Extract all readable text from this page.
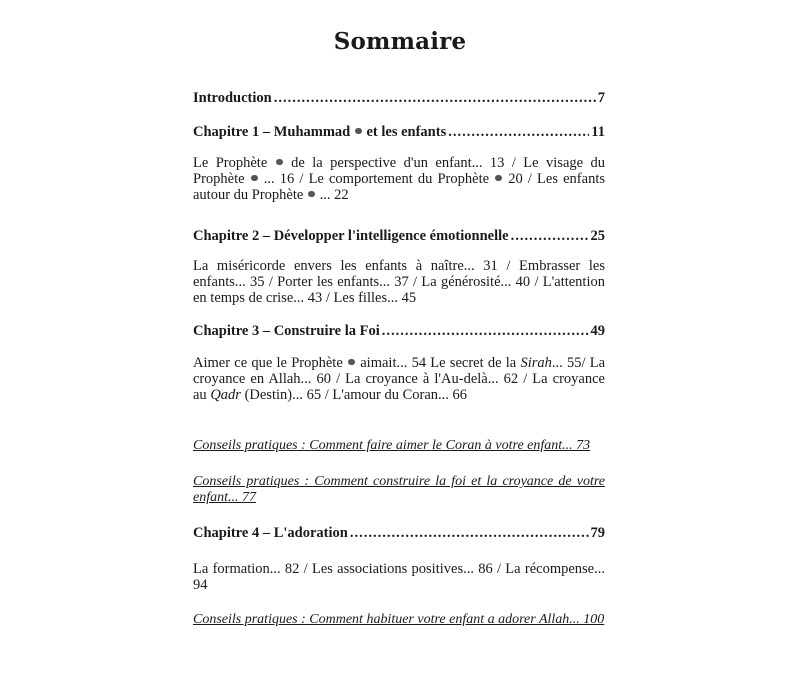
Sommaire
Introduction .....	7
Chapitre 1 – Muhammad et les enfants .....	11

Le Prophète de la perspective d'un enfant... 13 / Le visage du Prophète ... 16 / Le comportement du Prophète 20 / Les enfants autour du Prophète ... 22

Chapitre 2 – Développer l'intelligence émotionnelle .....	25

La miséricorde envers les enfants à naître... 31 / Embrasser les enfants... 35 / Porter les enfants... 37 / La générosité... 40 / L'attention en temps de crise... 43 / Les filles... 45

Chapitre 3 – Construire la Foi .....	49

Aimer ce que le Prophète aimait... 54 Le secret de la Sirah... 55/ La croyance en Allah... 60 / La croyance à l'Au-delà... 62 / La croyance au Qadr (Destin)... 65 / L'amour du Coran... 66

Conseils pratiques : Comment faire aimer le Coran à votre enfant... 73

Conseils pratiques : Comment construire la foi et la croyance de votre enfant... 77

Chapitre 4 – L'adoration .....	79

La formation... 82 / Les associations positives... 86 / La récompense... 94

Conseils pratiques : Comment habituer votre enfant a adorer Allah... 100
